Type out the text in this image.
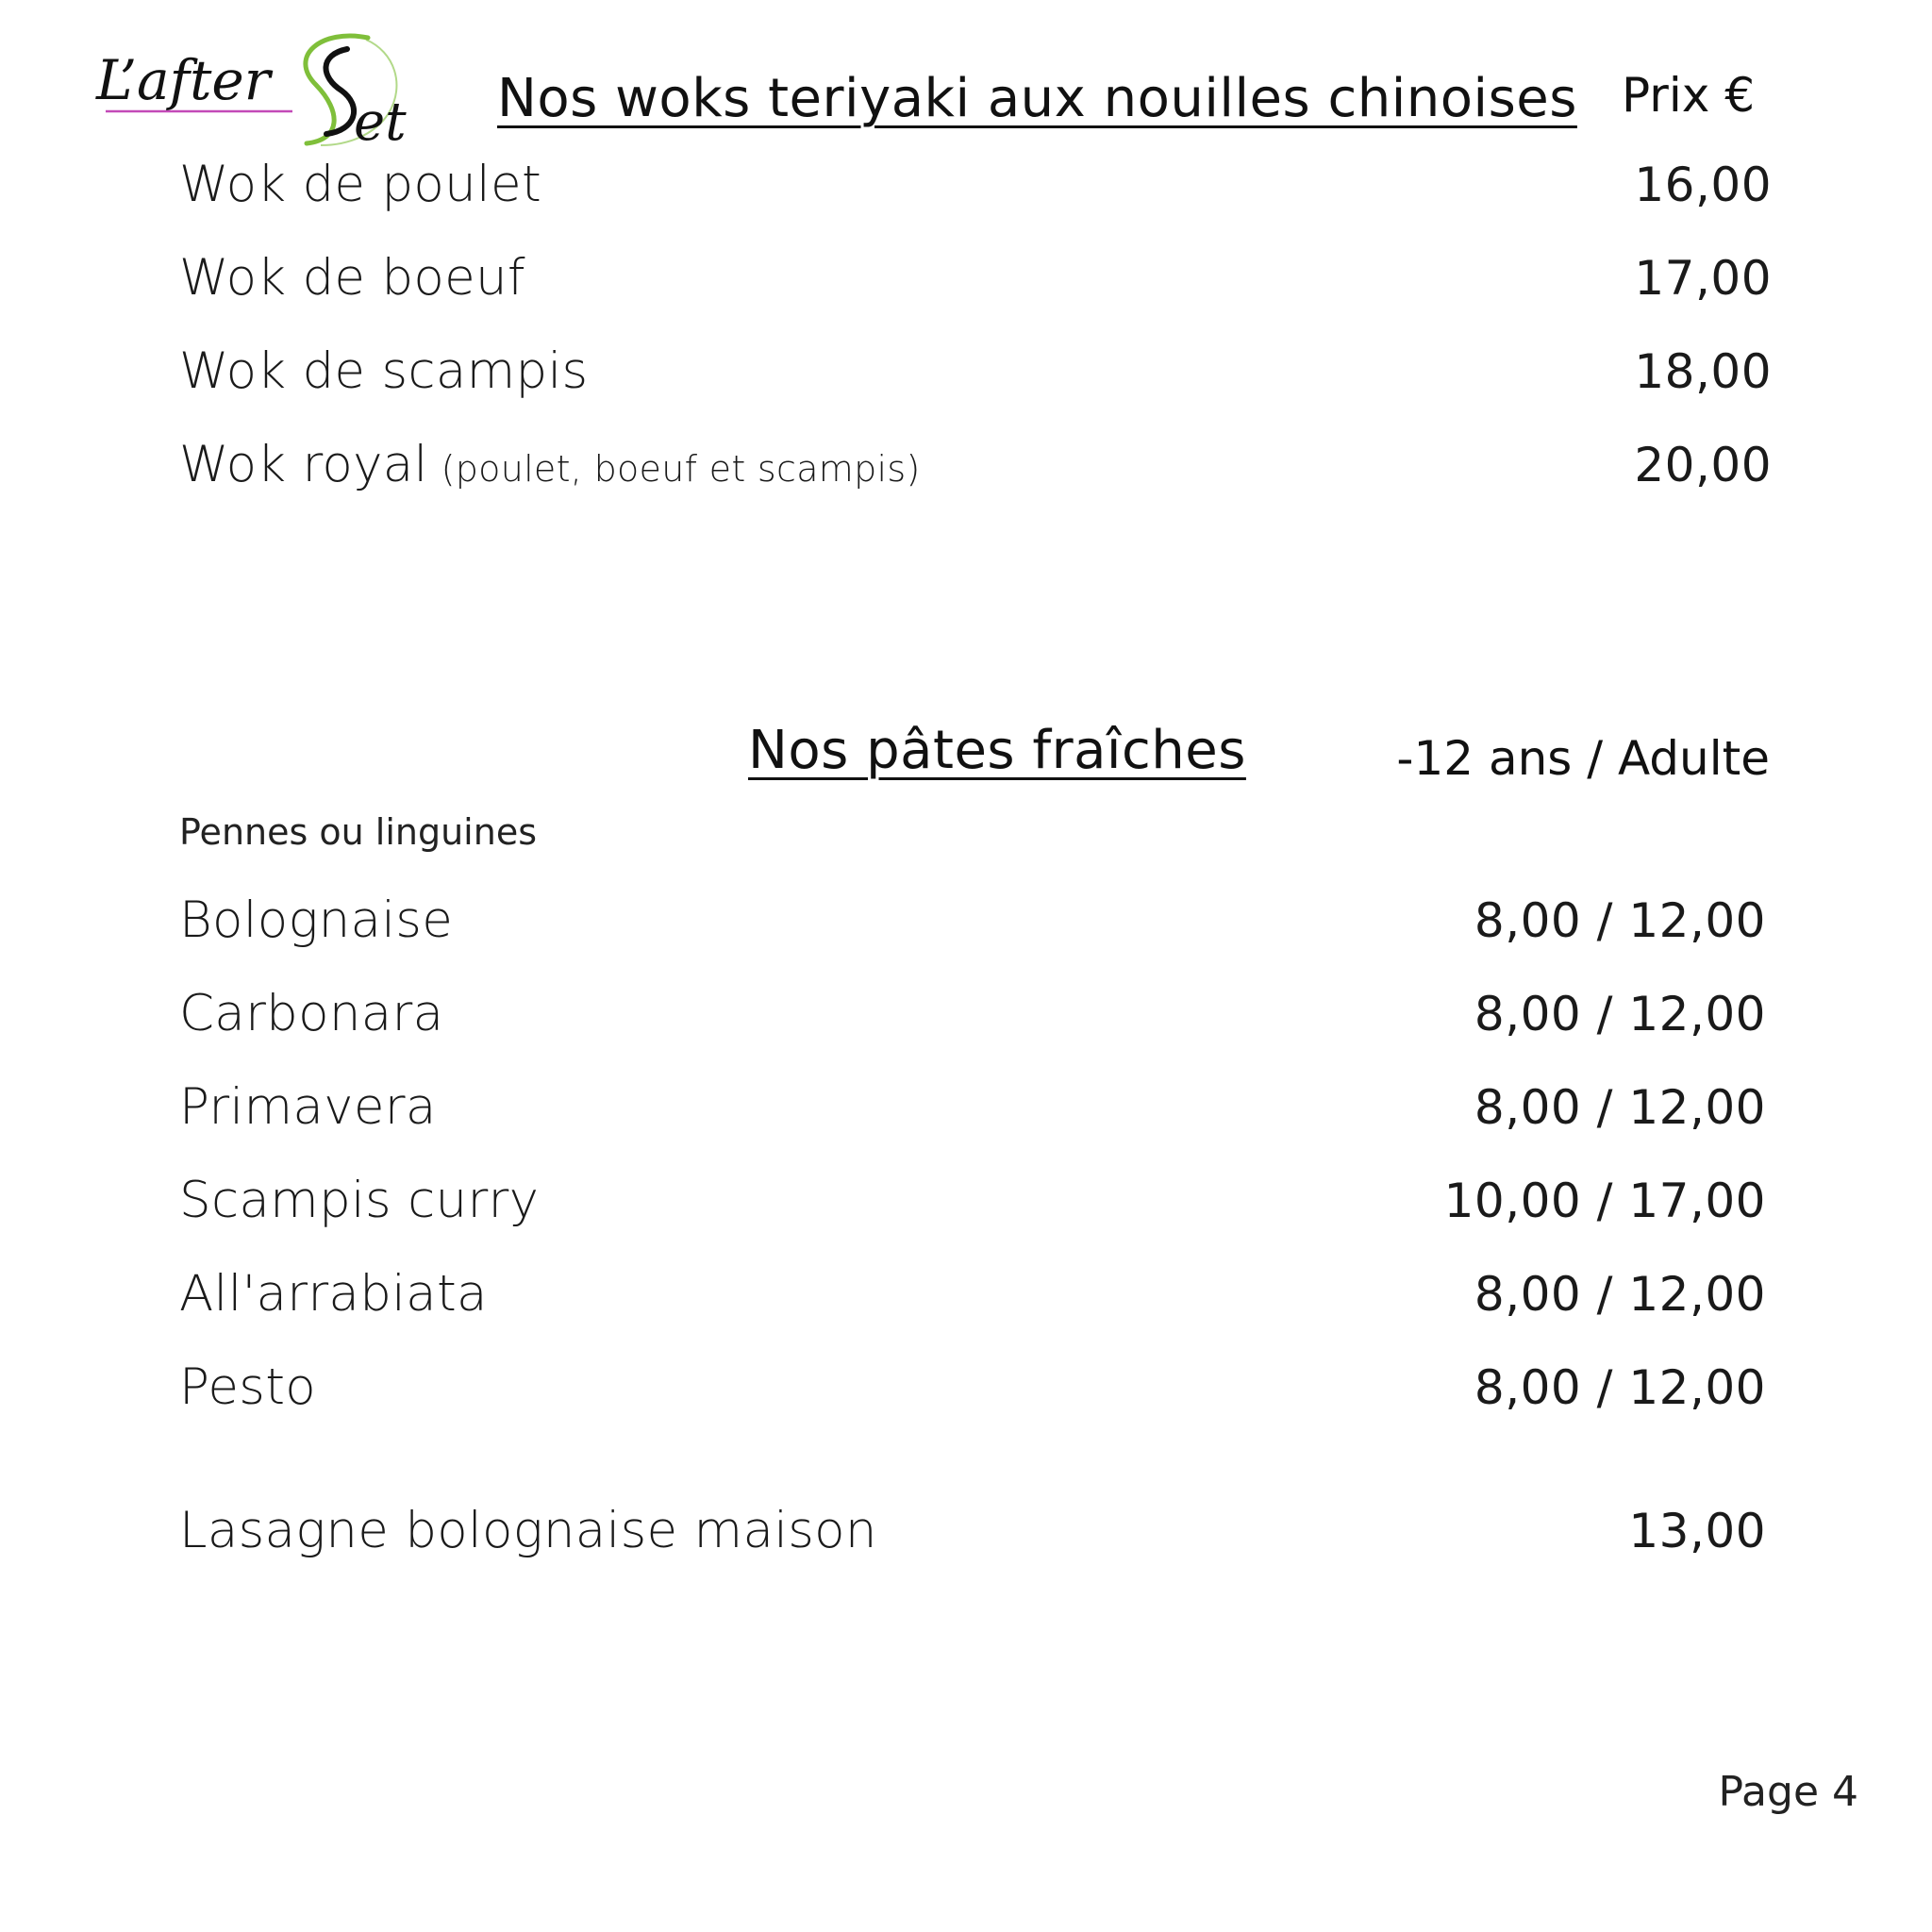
L’after
et Nos woks teriyaki aux nouilles chinoises Prix €
Wok de poulet	16,00
Wok de boeuf	17,00
Wok de scampis	18,00
Wok royal (poulet, boeuf et scampis)	20,00
Nos pâtes fraîches	-12 ans / Adulte
Pennes ou linguines
Bolognaise	8,00 / 12,00
Carbonara	8,00 / 12,00
Primavera	8,00 / 12,00
Scampis curry	10,00 / 17,00
All'arrabiata	8,00 / 12,00
Pesto	8,00 / 12,00
Lasagne bolognaise maison	13,00
Page 4
